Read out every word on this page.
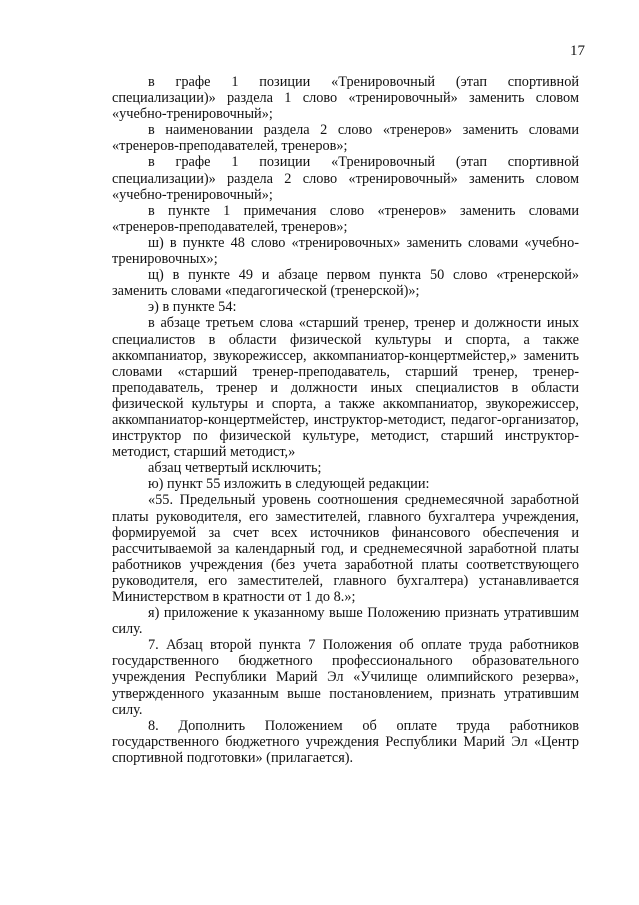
17

в графе 1 позиции «Тренировочный (этап спортивной специализации)» раздела 1 слово «тренировочный» заменить словом «учебно-тренировочный»;

в наименовании раздела 2 слово «тренеров» заменить словами «тренеров-преподавателей, тренеров»;

в графе 1 позиции «Тренировочный (этап спортивной специализации)» раздела 2 слово «тренировочный» заменить словом «учебно-тренировочный»;

в пункте 1 примечания слово «тренеров» заменить словами «тренеров-преподавателей, тренеров»;

ш) в пункте 48 слово «тренировочных» заменить словами «учебно-тренировочных»;

щ) в пункте 49 и абзаце первом пункта 50 слово «тренерской» заменить словами «педагогической (тренерской)»;

э) в пункте 54:

в абзаце третьем слова «старший тренер, тренер и должности иных специалистов в области физической культуры и спорта, а также аккомпаниатор, звукорежиссер, аккомпаниатор-концертмейстер,» заменить словами «старший тренер-преподаватель, старший тренер, тренер-преподаватель, тренер и должности иных специалистов в области физической культуры и спорта, а также аккомпаниатор, звукорежиссер, аккомпаниатор-концертмейстер, инструктор-методист, педагог-организатор, инструктор по физической культуре, методист, старший инструктор-методист, старший методист,»

абзац четвертый исключить;

ю) пункт 55 изложить в следующей редакции:

«55. Предельный уровень соотношения среднемесячной заработной платы руководителя, его заместителей, главного бухгалтера учреждения, формируемой за счет всех источников финансового обеспечения и рассчитываемой за календарный год, и среднемесячной заработной платы работников учреждения (без учета заработной платы соответствующего руководителя, его заместителей, главного бухгалтера) устанавливается Министерством в кратности от 1 до 8.»;

я) приложение к указанному выше Положению признать утратившим силу.

7. Абзац второй пункта 7 Положения об оплате труда работников государственного бюджетного профессионального образовательного учреждения Республики Марий Эл «Училище олимпийского резерва», утвержденного указанным выше постановлением, признать утратившим силу.

8. Дополнить Положением об оплате труда работников государственного бюджетного учреждения Республики Марий Эл «Центр спортивной подготовки» (прилагается).
